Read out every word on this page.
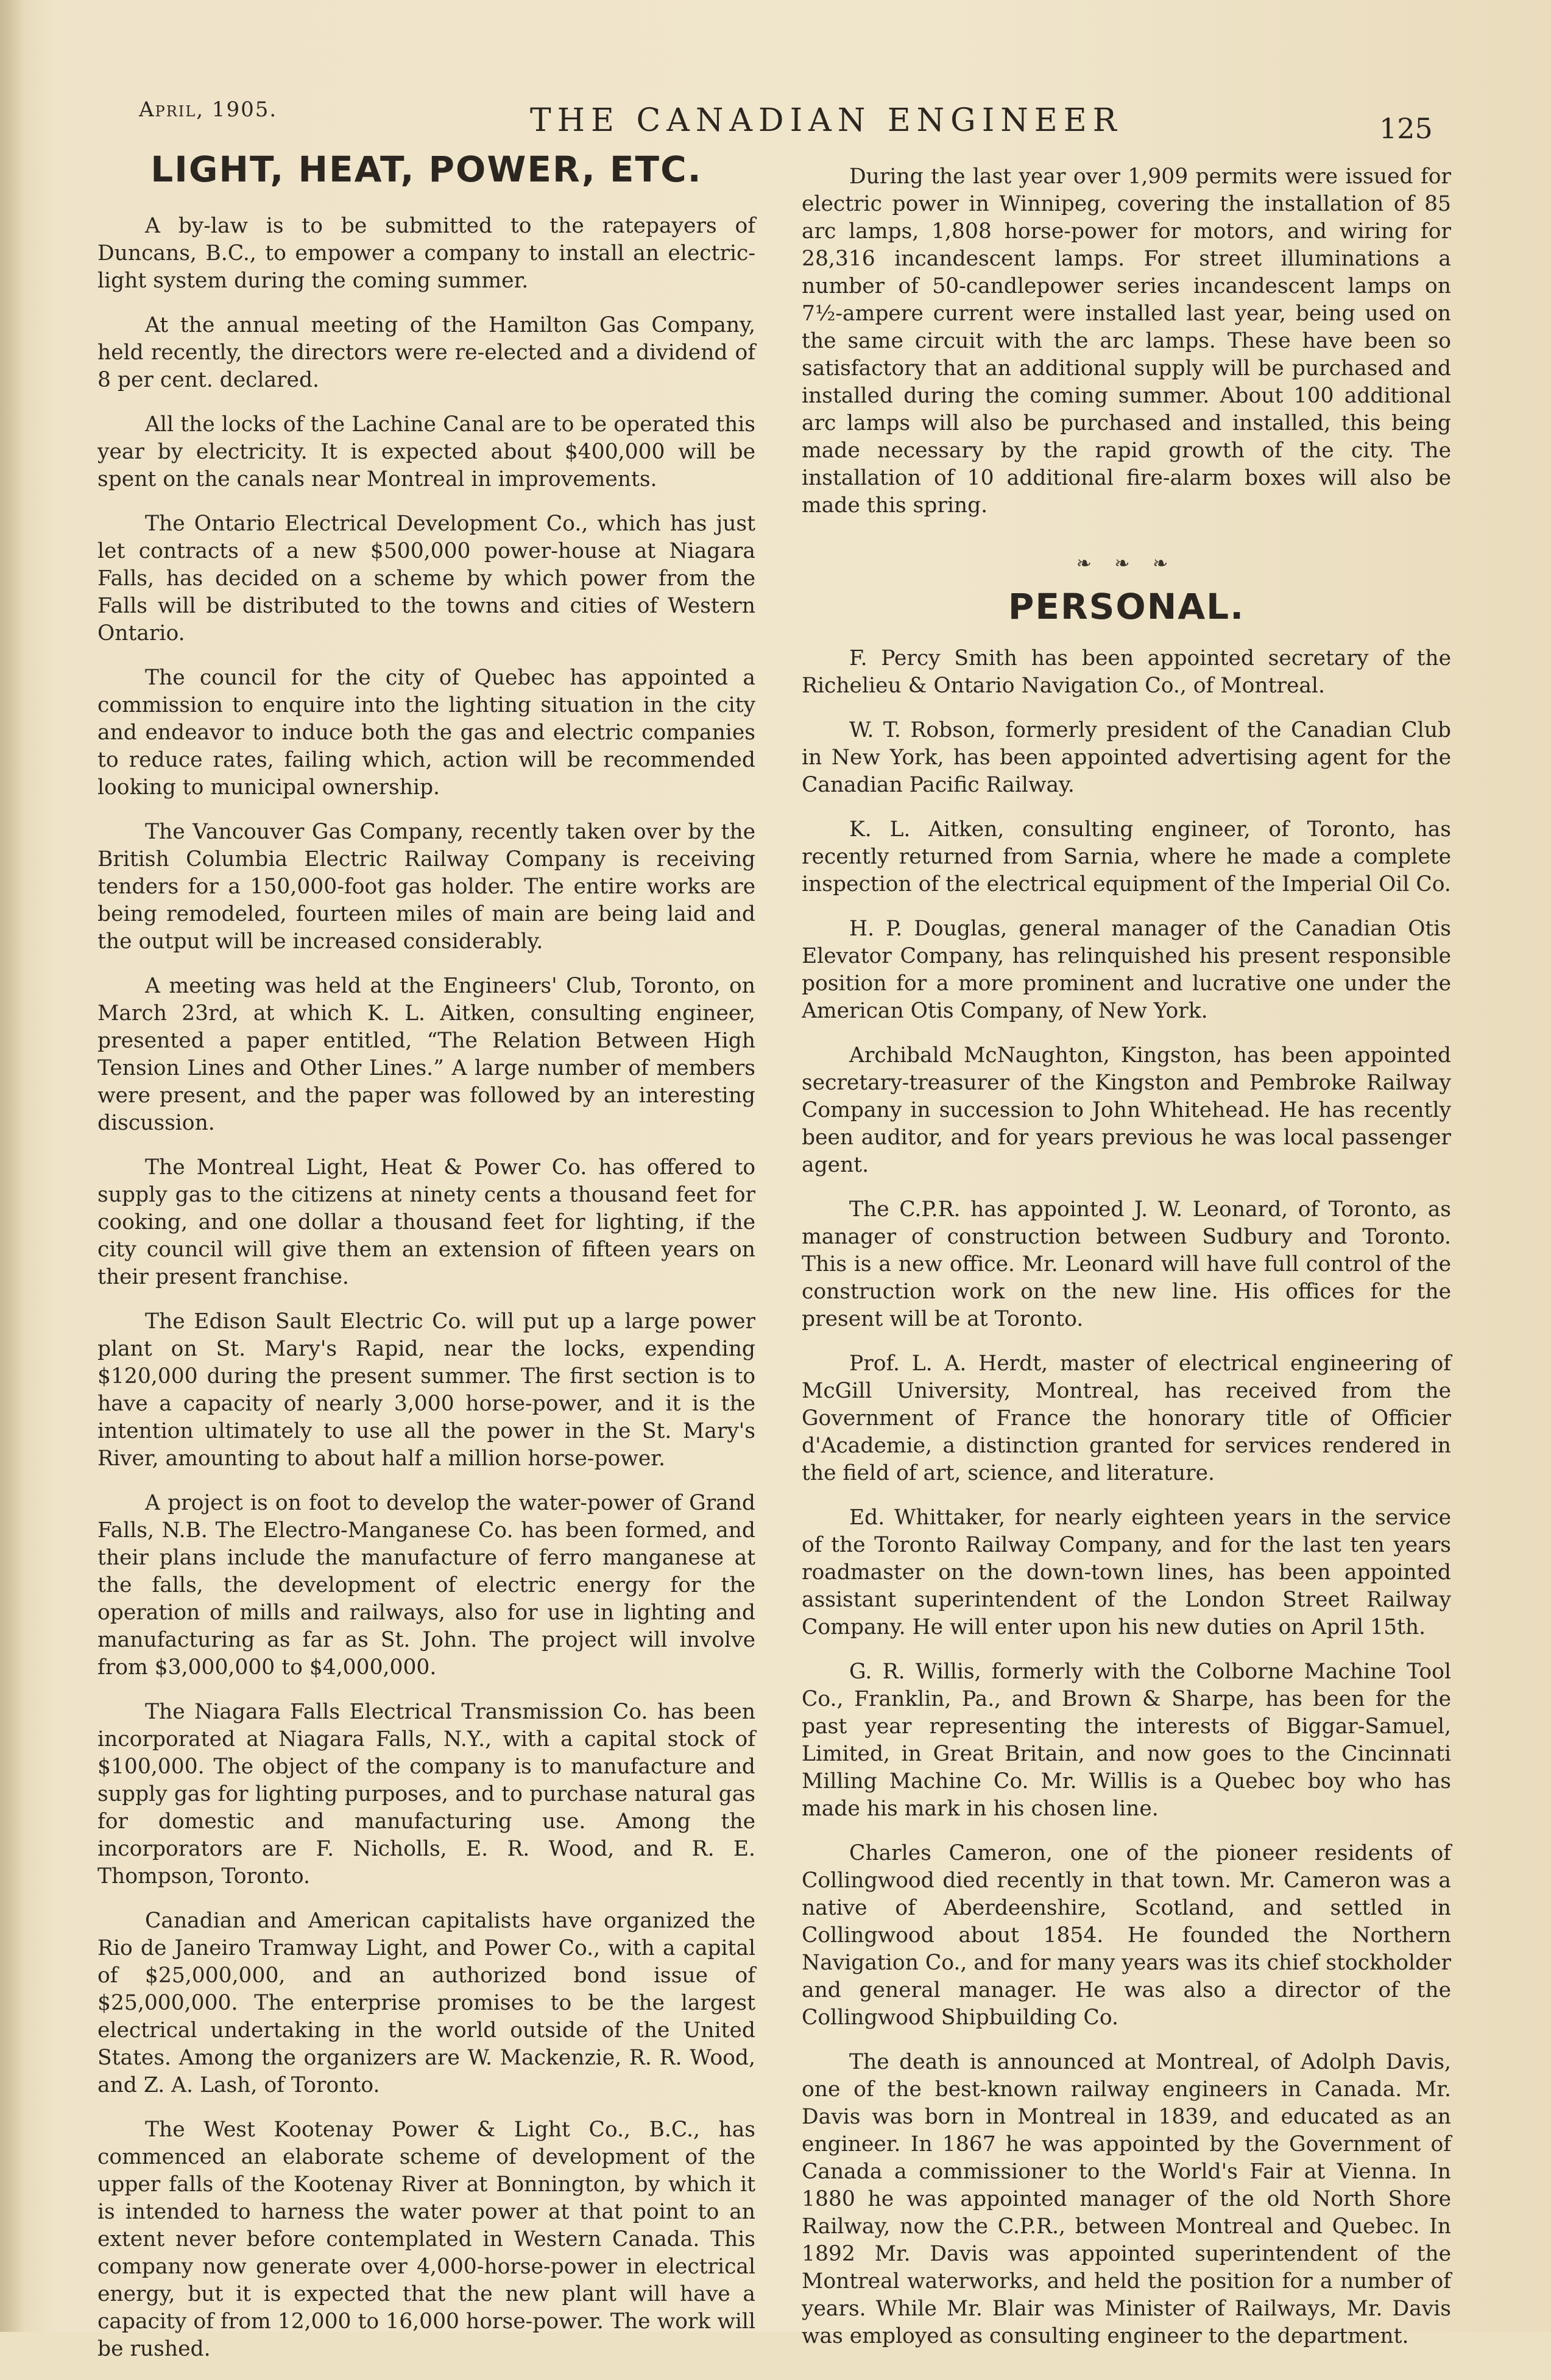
April, 1905.	THE CANADIAN ENGINEER	125
LIGHT, HEAT, POWER, ETC.

A by-law is to be submitted to the ratepayers of Duncans, B.C., to empower a company to install an electric-light system during the coming summer.

At the annual meeting of the Hamilton Gas Company, held recently, the directors were re-elected and a dividend of 8 per cent. declared.

All the locks of the Lachine Canal are to be operated this year by electricity. It is expected about $400,000 will be spent on the canals near Montreal in improvements.

The Ontario Electrical Development Co., which has just let contracts of a new $500,000 power-house at Niagara Falls, has decided on a scheme by which power from the Falls will be distributed to the towns and cities of Western Ontario.

The council for the city of Quebec has appointed a commission to enquire into the lighting situation in the city and endeavor to induce both the gas and electric companies to reduce rates, failing which, action will be recommended looking to municipal ownership.

The Vancouver Gas Company, recently taken over by the British Columbia Electric Railway Company is receiving tenders for a 150,000-foot gas holder. The entire works are being remodeled, fourteen miles of main are being laid and the output will be increased considerably.

A meeting was held at the Engineers' Club, Toronto, on March 23rd, at which K. L. Aitken, consulting engineer, presented a paper entitled, “The Relation Between High Tension Lines and Other Lines.” A large number of members were present, and the paper was followed by an interesting discussion.

The Montreal Light, Heat & Power Co. has offered to supply gas to the citizens at ninety cents a thousand feet for cooking, and one dollar a thousand feet for lighting, if the city council will give them an extension of fifteen years on their present franchise.

The Edison Sault Electric Co. will put up a large power plant on St. Mary's Rapid, near the locks, expending $120,000 during the present summer. The first section is to have a capacity of nearly 3,000 horse-power, and it is the intention ultimately to use all the power in the St. Mary's River, amounting to about half a million horse-power.

A project is on foot to develop the water-power of Grand Falls, N.B. The Electro-Manganese Co. has been formed, and their plans include the manufacture of ferro manganese at the falls, the development of electric energy for the operation of mills and railways, also for use in lighting and manufacturing as far as St. John. The project will involve from $3,000,000 to $4,000,000.

The Niagara Falls Electrical Transmission Co. has been incorporated at Niagara Falls, N.Y., with a capital stock of $100,000. The object of the company is to manufacture and supply gas for lighting purposes, and to purchase natural gas for domestic and manufacturing use. Among the incorporators are F. Nicholls, E. R. Wood, and R. E. Thompson, Toronto.

Canadian and American capitalists have organized the Rio de Janeiro Tramway Light, and Power Co., with a capital of $25,000,000, and an authorized bond issue of $25,000,000. The enterprise promises to be the largest electrical undertaking in the world outside of the United States. Among the organizers are W. Mackenzie, R. R. Wood, and Z. A. Lash, of Toronto.

The West Kootenay Power & Light Co., B.C., has commenced an elaborate scheme of development of the upper falls of the Kootenay River at Bonnington, by which it is intended to harness the water power at that point to an extent never before contemplated in Western Canada. This company now generate over 4,000-horse-power in electrical energy, but it is expected that the new plant will have a capacity of from 12,000 to 16,000 horse-power. The work will be rushed.

During the last year over 1,909 permits were issued for electric power in Winnipeg, covering the installation of 85 arc lamps, 1,808 horse-power for motors, and wiring for 28,316 incandescent lamps. For street illuminations a number of 50-candlepower series incandescent lamps on 7½-ampere current were installed last year, being used on the same circuit with the arc lamps. These have been so satisfactory that an additional supply will be purchased and installed during the coming summer. About 100 additional arc lamps will also be purchased and installed, this being made necessary by the rapid growth of the city. The installation of 10 additional fire-alarm boxes will also be made this spring.

❧ ❧ ❧
PERSONAL.

F. Percy Smith has been appointed secretary of the Richelieu & Ontario Navigation Co., of Montreal.

W. T. Robson, formerly president of the Canadian Club in New York, has been appointed advertising agent for the Canadian Pacific Railway.

K. L. Aitken, consulting engineer, of Toronto, has recently returned from Sarnia, where he made a complete inspection of the electrical equipment of the Imperial Oil Co.

H. P. Douglas, general manager of the Canadian Otis Elevator Company, has relinquished his present responsible position for a more prominent and lucrative one under the American Otis Company, of New York.

Archibald McNaughton, Kingston, has been appointed secretary-treasurer of the Kingston and Pembroke Railway Company in succession to John Whitehead. He has recently been auditor, and for years previous he was local passenger agent.

The C.P.R. has appointed J. W. Leonard, of Toronto, as manager of construction between Sudbury and Toronto. This is a new office. Mr. Leonard will have full control of the construction work on the new line. His offices for the present will be at Toronto.

Prof. L. A. Herdt, master of electrical engineering of McGill University, Montreal, has received from the Government of France the honorary title of Officier d'Academie, a distinction granted for services rendered in the field of art, science, and literature.

Ed. Whittaker, for nearly eighteen years in the service of the Toronto Railway Company, and for the last ten years roadmaster on the down-town lines, has been appointed assistant superintendent of the London Street Railway Company. He will enter upon his new duties on April 15th.

G. R. Willis, formerly with the Colborne Machine Tool Co., Franklin, Pa., and Brown & Sharpe, has been for the past year representing the interests of Biggar-Samuel, Limited, in Great Britain, and now goes to the Cincinnati Milling Machine Co. Mr. Willis is a Quebec boy who has made his mark in his chosen line.

Charles Cameron, one of the pioneer residents of Collingwood died recently in that town. Mr. Cameron was a native of Aberdeenshire, Scotland, and settled in Collingwood about 1854. He founded the Northern Navigation Co., and for many years was its chief stockholder and general manager. He was also a director of the Collingwood Shipbuilding Co.

The death is announced at Montreal, of Adolph Davis, one of the best-known railway engineers in Canada. Mr. Davis was born in Montreal in 1839, and educated as an engineer. In 1867 he was appointed by the Government of Canada a commissioner to the World's Fair at Vienna. In 1880 he was appointed manager of the old North Shore Railway, now the C.P.R., between Montreal and Quebec. In 1892 Mr. Davis was appointed superintendent of the Montreal waterworks, and held the position for a number of years. While Mr. Blair was Minister of Railways, Mr. Davis was employed as consulting engineer to the department.
